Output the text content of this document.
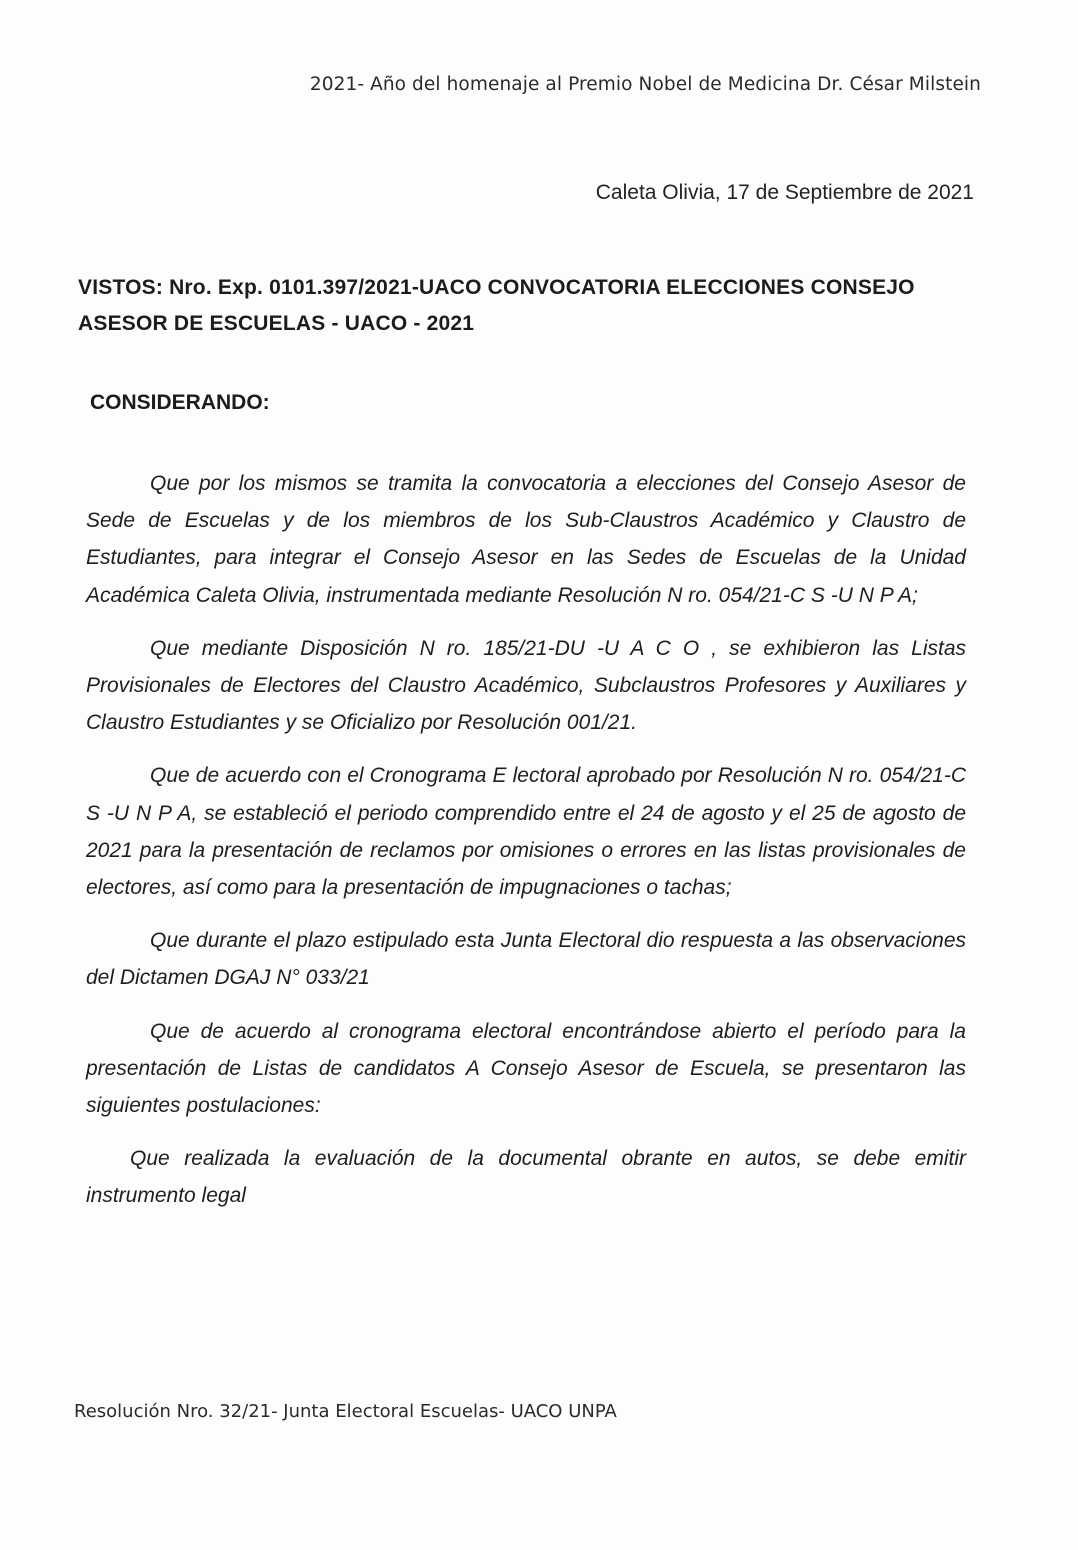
2021- Año del homenaje al Premio Nobel de Medicina Dr. César Milstein
Caleta Olivia, 17 de Septiembre de 2021
VISTOS: Nro. Exp. 0101.397/2021-UACO CONVOCATORIA ELECCIONES CONSEJO ASESOR DE ESCUELAS - UACO - 2021
CONSIDERANDO:

Que por los mismos se tramita la convocatoria a elecciones del Consejo Asesor de Sede de Escuelas y de los miembros de los Sub-Claustros Académico y Claustro de Estudiantes, para integrar el Consejo Asesor en las Sedes de Escuelas de la Unidad Académica Caleta Olivia, instrumentada mediante Resolución N ro. 054/21-C S -U N P A;

Que mediante Disposición N ro. 185/21-DU -U A C O , se exhibieron las Listas Provisionales de Electores del Claustro Académico, Subclaustros Profesores y Auxiliares y Claustro Estudiantes y se Oficializo por Resolución 001/21.

Que de acuerdo con el Cronograma E lectoral aprobado por Resolución N ro. 054/21-C S -U N P A, se estableció el periodo comprendido entre el 24 de agosto y el 25 de agosto de 2021 para la presentación de reclamos por omisiones o errores en las listas provisionales de electores, así como para la presentación de impugnaciones o tachas;

Que durante el plazo estipulado esta Junta Electoral dio respuesta a las observaciones del Dictamen DGAJ N° 033/21

Que de acuerdo al cronograma electoral encontrándose abierto el período para la presentación de Listas de candidatos A Consejo Asesor de Escuela, se presentaron las siguientes postulaciones:

Que realizada la evaluación de la documental obrante en autos, se debe emitir instrumento legal

Resolución Nro. 32/21- Junta Electoral Escuelas- UACO UNPA
